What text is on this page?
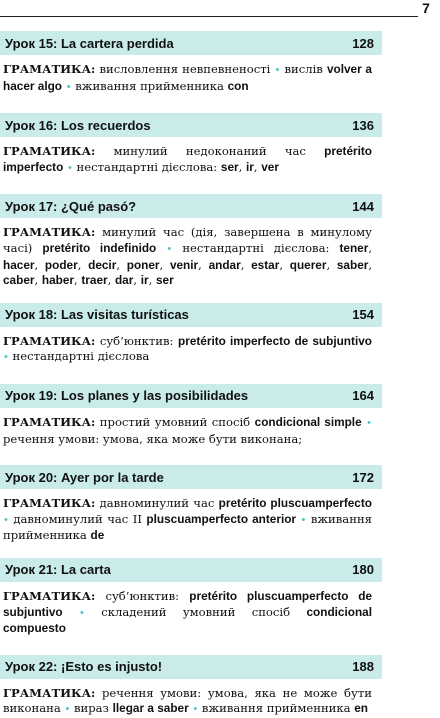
7
Урок 15: La cartera perdida	128
ГРАМАТИКА: висловлення невпевненості • вислів volver a hacer algo • вживання прийменника con
Урок 16: Los recuerdos	136
ГРАМАТИКА: минулий недоконаний час pretérito imperfecto • нестандартні дієслова: ser, ir, ver
Урок 17: ¿Qué pasó?	144
ГРАМАТИКА: минулий час (дія, завершена в минулому часі) pretérito indefinido • нестандартні дієслова: tener, hacer, poder, decir, poner, venir, andar, estar, querer, saber, caber, haber, traer, dar, ir, ser
Урок 18: Las visitas turísticas	154
ГРАМАТИКА: суб’юнктив: pretérito imperfecto de subjuntivo • нестандартні дієслова
Урок 19: Los planes y las posibilidades	164
ГРАМАТИКА: простий умовний спосіб condicional simple • речення умови: умова, яка може бути виконана;
Урок 20: Ayer por la tarde	172
ГРАМАТИКА: давноминулий час pretérito pluscuamperfecto • давноминулий час II pluscuamperfecto anterior • вживання прийменника de
Урок 21: La carta	180
ГРАМАТИКА: суб’юнктив: pretérito pluscuamperfecto de subjuntivo • складений умовний спосіб condicional compuesto
Урок 22: ¡Esto es injusto!	188
ГРАМАТИКА: речення умови: умова, яка не може бути виконана • вираз llegar a saber • вживання прийменника en
